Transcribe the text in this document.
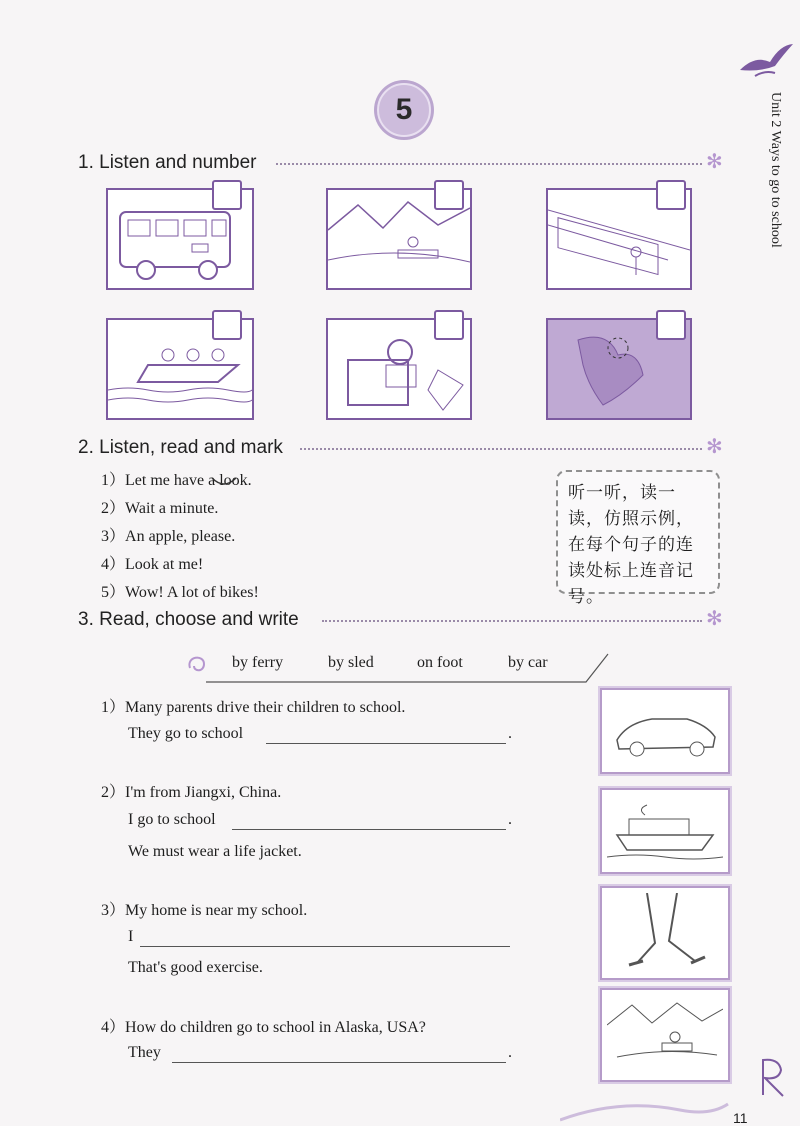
Unit 2 Ways to go to school
5
1. Listen and number	✻
2. Listen, read and mark	✻
1）Let me have a look.
2）Wait a minute.
3）An apple, please.
4）Look at me!
5）Wow! A lot of bikes!
听一听，读一读，仿照示例，在每个句子的连读处标上连音记号。
3. Read, choose and write	✻
by ferry	by sled	on foot	by car
1）Many parents drive their children to school.
They go to school	.
2）I'm from Jiangxi, China.
I go to school	.
We must wear a life jacket.
3）My home is near my school.
I
That's good exercise.
4）How do children go to school in Alaska, USA?
They	.
11
